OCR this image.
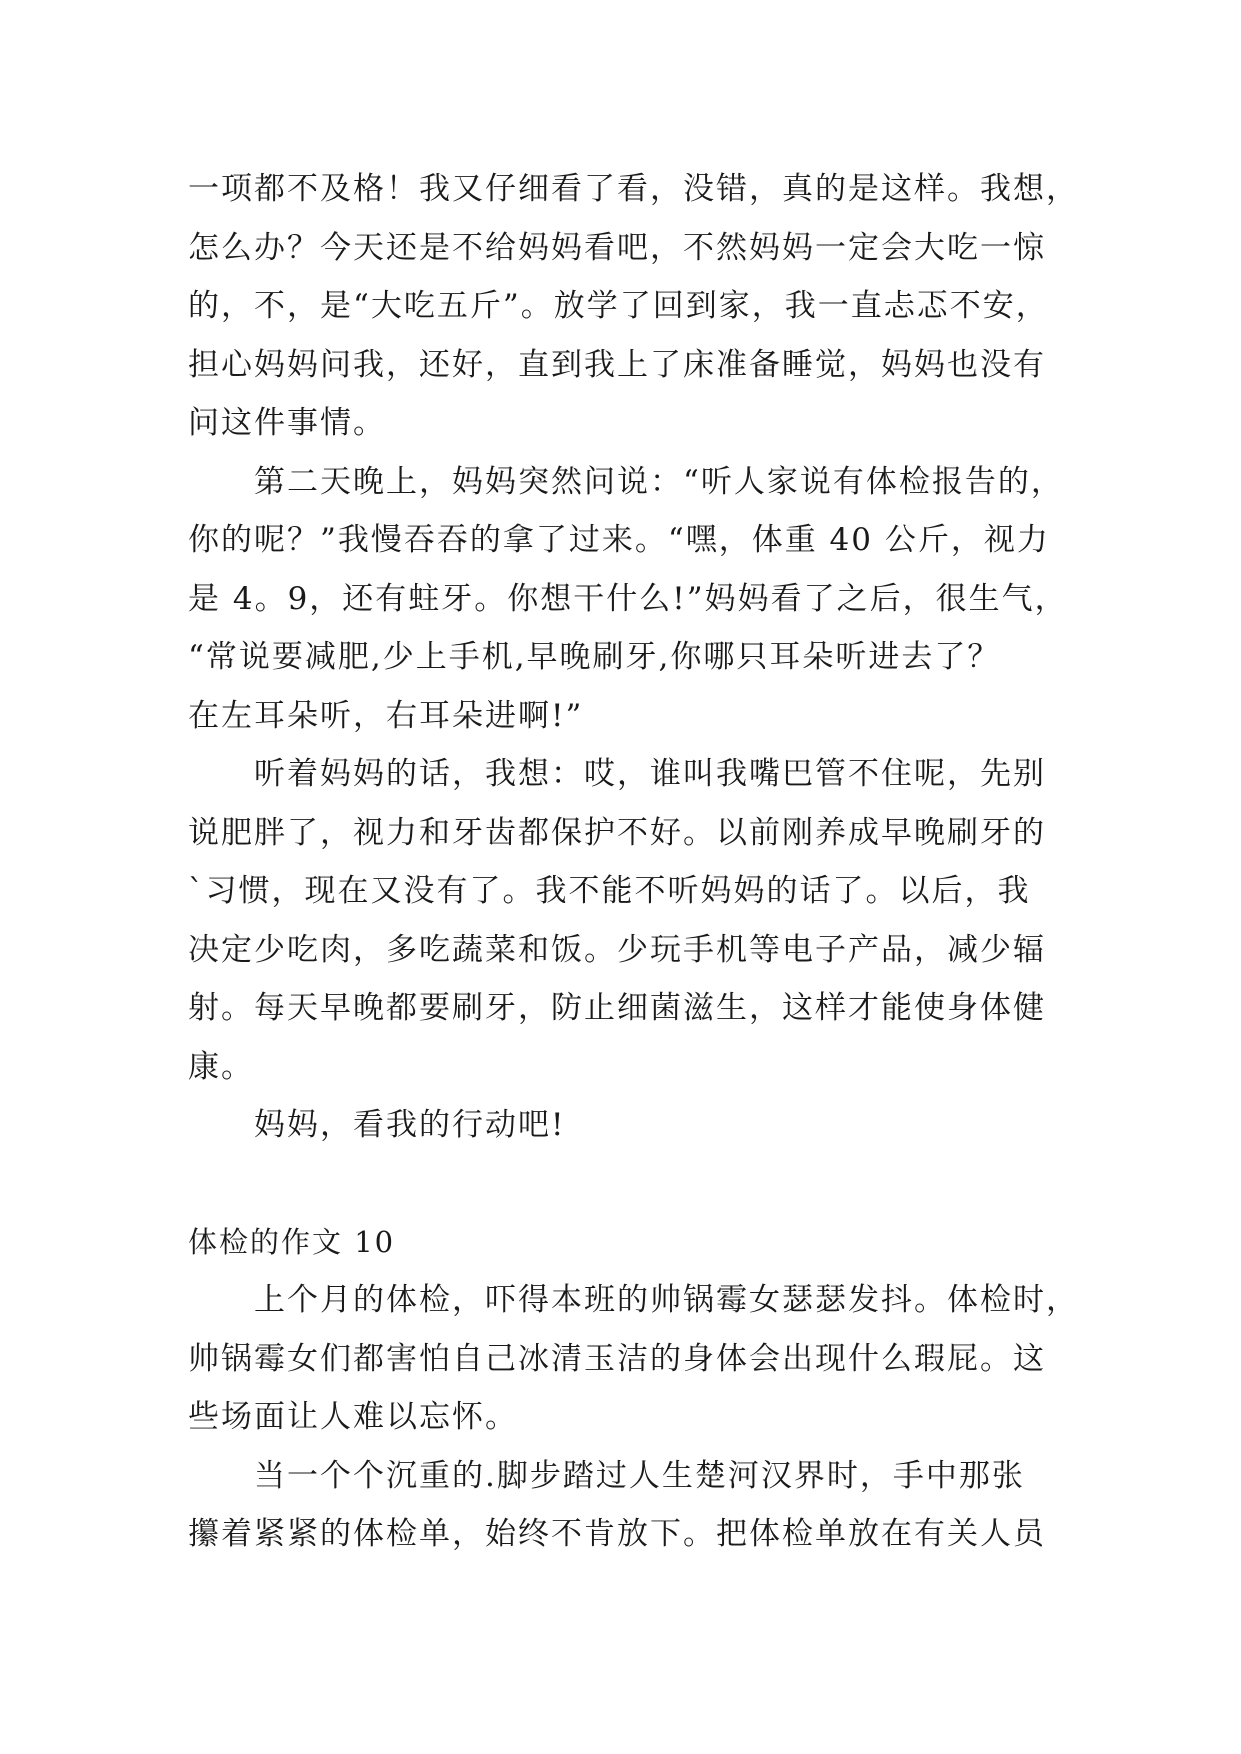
一项都不及格！我又仔细看了看，没错，真的是这样。我想，
怎么办？今天还是不给妈妈看吧，不然妈妈一定会大吃一惊
的，不，是“大吃五斤”。放学了回到家，我一直忐忑不安，
担心妈妈问我，还好，直到我上了床准备睡觉，妈妈也没有
问这件事情。
第二天晚上，妈妈突然问说：“听人家说有体检报告的，
你的呢？”我慢吞吞的拿了过来。“嘿，体重 40 公斤，视力
是 4。9，还有蛀牙。你想干什么!”妈妈看了之后，很生气，
“常说要减肥,少上手机,早晚刷牙,你哪只耳朵听进去了？
在左耳朵听，右耳朵进啊!”
听着妈妈的话，我想：哎，谁叫我嘴巴管不住呢，先别
说肥胖了，视力和牙齿都保护不好。以前刚养成早晚刷牙的
`习惯，现在又没有了。我不能不听妈妈的话了。以后，我
决定少吃肉，多吃蔬菜和饭。少玩手机等电子产品，减少辐
射。每天早晚都要刷牙，防止细菌滋生，这样才能使身体健
康。
妈妈，看我的行动吧!
体检的作文 10
上个月的体检，吓得本班的帅锅霉女瑟瑟发抖。体检时，
帅锅霉女们都害怕自己冰清玉洁的身体会出现什么瑕屁。这
些场面让人难以忘怀。
当一个个沉重的.脚步踏过人生楚河汉界时，手中那张
攥着紧紧的体检单，始终不肯放下。把体检单放在有关人员
